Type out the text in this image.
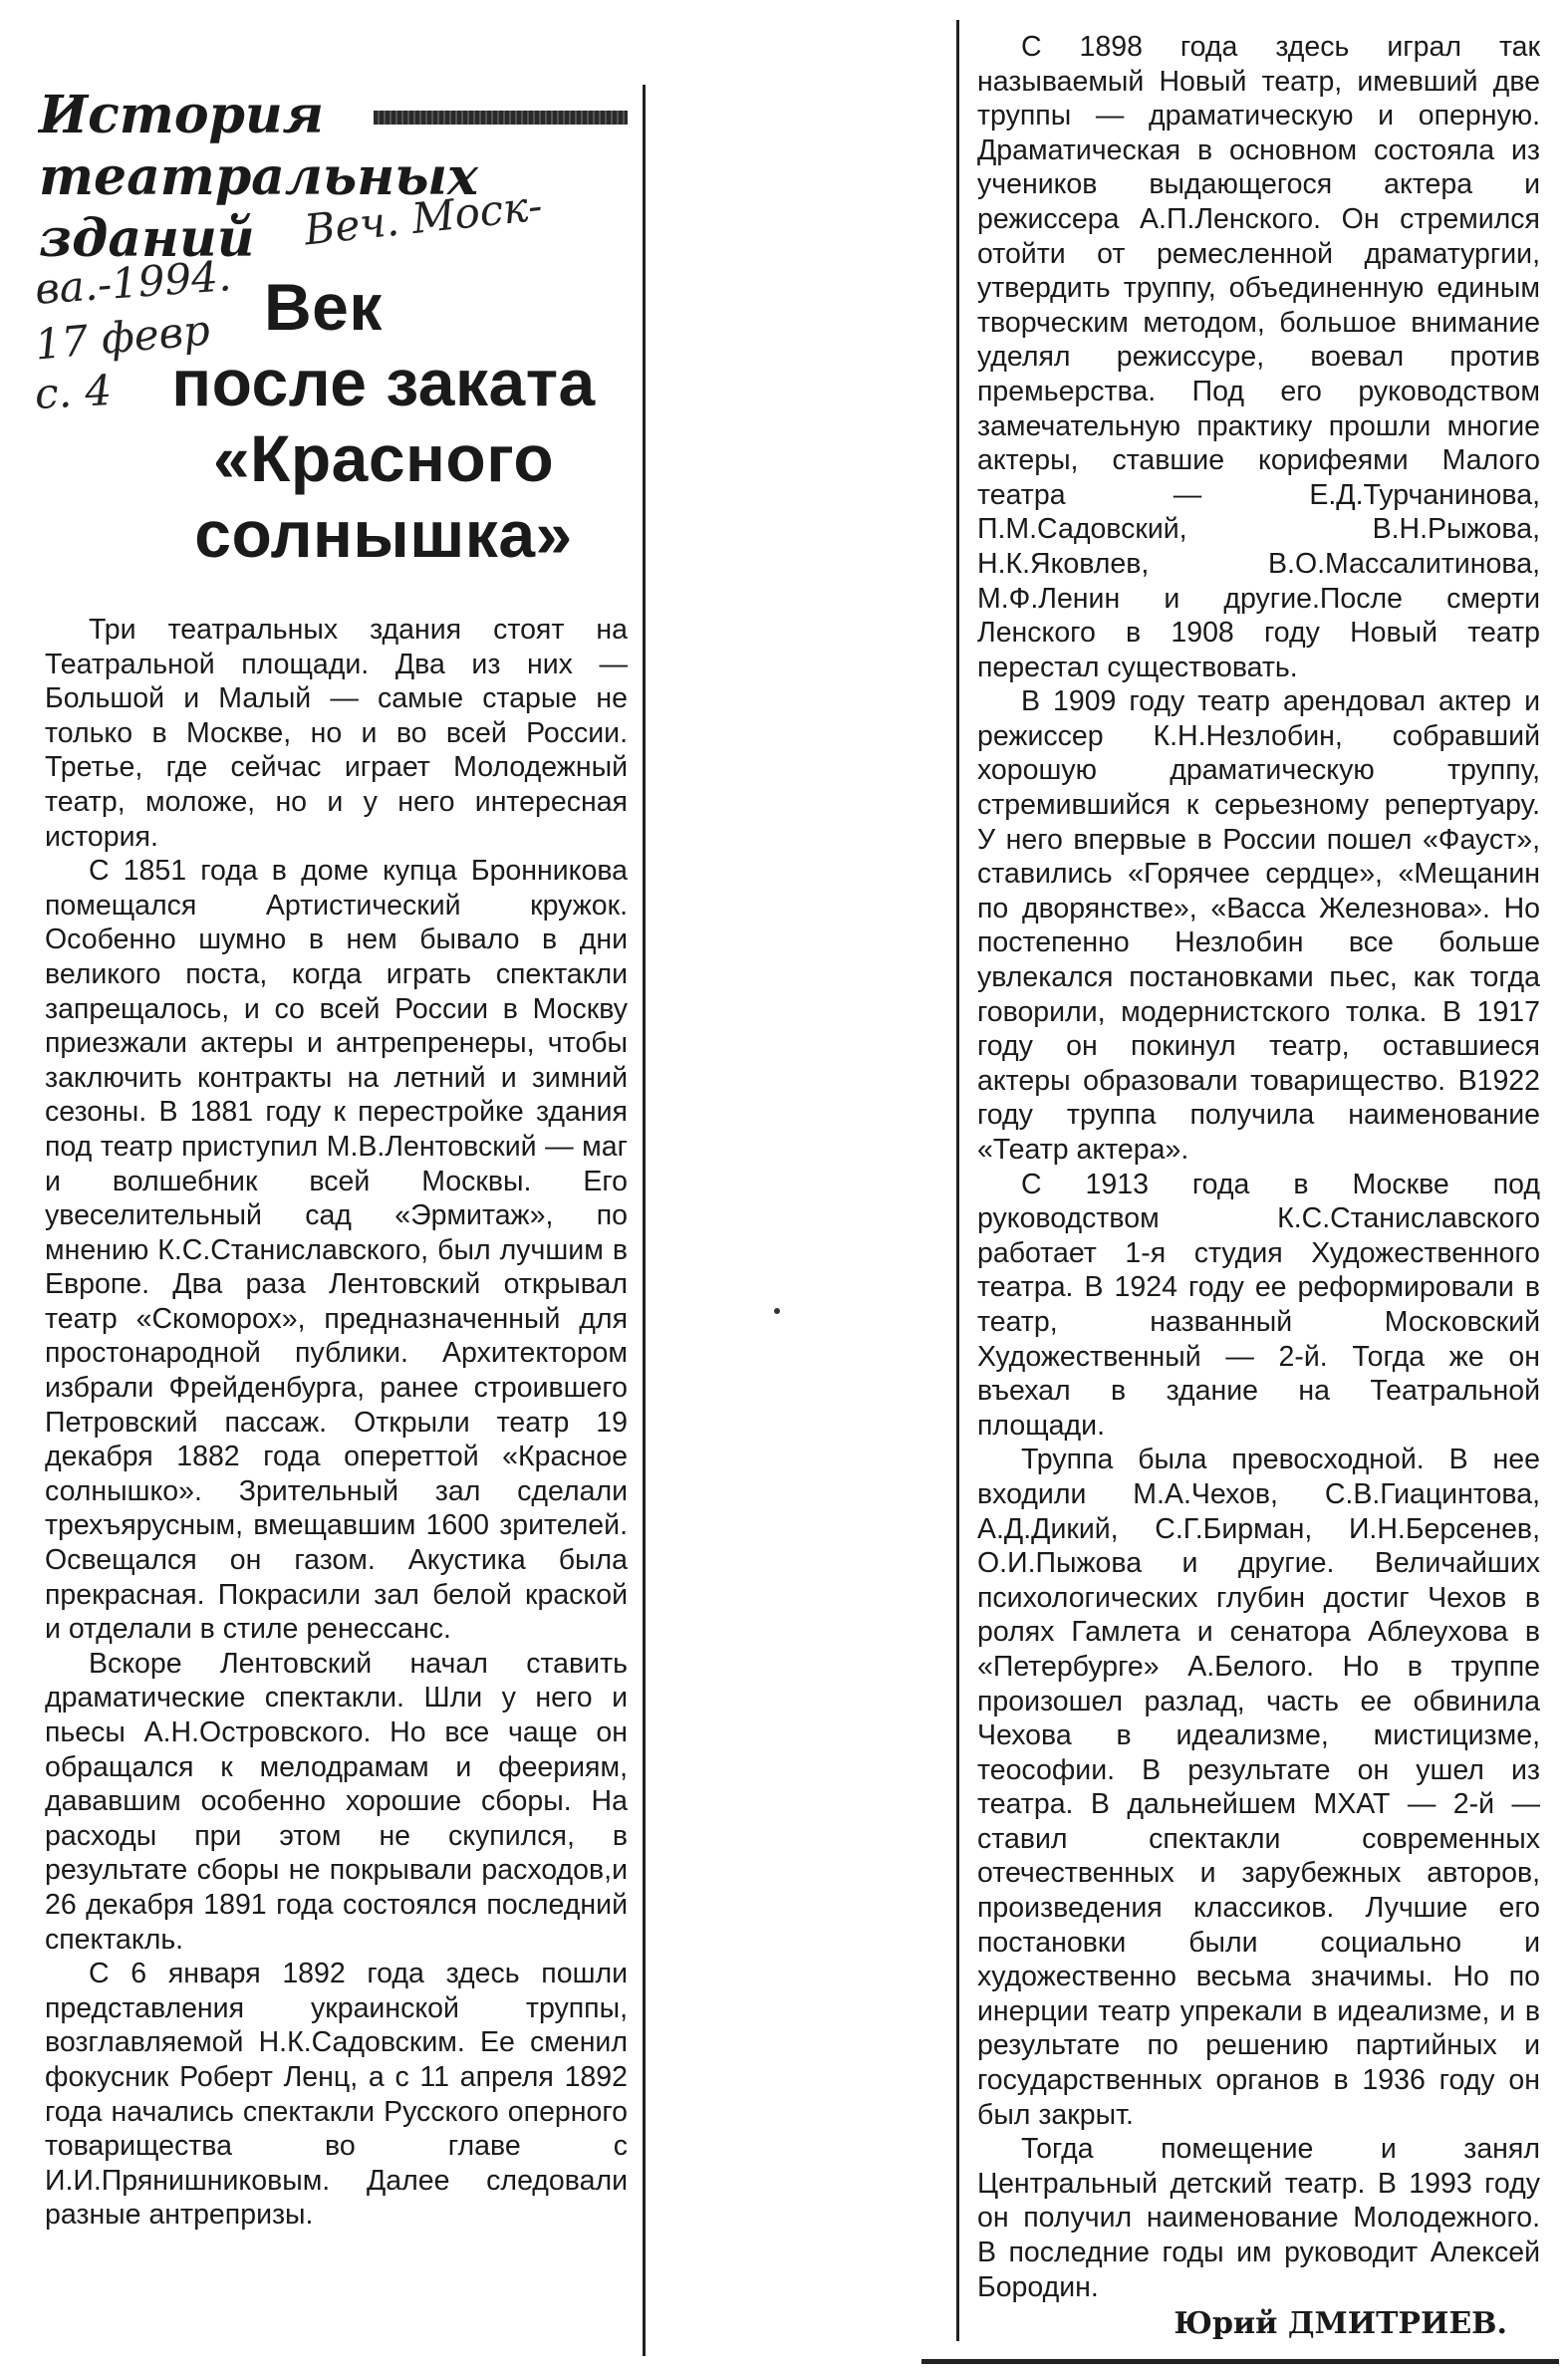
История театральных зданий	Веч. Моск-

ва.-1994.

17 февр

с. 4

Век
после заката «Красного солнышка»

Три театральных здания стоят на Театральной площади. Два из них — Большой и Малый — самые старые не только в Москве, но и во всей России. Третье, где сейчас играет Молодежный театр, моложе, но и у него интересная история.

С 1851 года в доме купца Бронникова помещался Артистический кружок. Особенно шумно в нем бывало в дни великого поста, когда играть спектакли запрещалось, и со всей России в Москву приезжали актеры и антрепренеры, чтобы заключить контракты на летний и зимний сезоны. В 1881 году к перестройке здания под театр приступил М.В.Лентовский — маг и волшебник всей Москвы. Его увеселительный сад «Эрмитаж», по мнению К.С.Станиславского, был лучшим в Европе. Два раза Лентовский открывал театр «Скоморох», предназначенный для простонародной публики. Архитектором избрали Фрейденбурга, ранее строившего Петровский пассаж. Открыли театр 19 декабря 1882 года опереттой «Красное солнышко». Зрительный зал сделали трехъярусным, вмещавшим 1600 зрителей. Освещался он газом. Акустика была прекрасная. Покрасили зал белой краской и отделали в стиле ренессанс.

Вскоре Лентовский начал ставить драматические спектакли. Шли у него и пьесы А.Н.Островского. Но все чаще он обращался к мелодрамам и феериям, дававшим особенно хорошие сборы. На расходы при этом не скупился, в результате сборы не покрывали расходов,и 26 декабря 1891 года состоялся последний спектакль.

С 6 января 1892 года здесь пошли представления украинской труппы, возглавляемой Н.К.Садовским. Ее сменил фокусник Роберт Ленц, а с 11 апреля 1892 года начались спектакли Русского оперного товарищества во главе с И.И.Прянишниковым. Далее следовали разные антрепризы.

С 1898 года здесь играл так называемый Новый театр, имевший две труппы — драматическую и оперную. Драматическая в основном состояла из учеников выдающегося актера и режиссера А.П.Ленского. Он стремился отойти от ремесленной драматургии, утвердить труппу, объединенную единым творческим методом, большое внимание уделял режиссуре, воевал против премьерства. Под его руководством замечательную практику прошли многие актеры, ставшие корифеями Малого театра — Е.Д.Турчанинова, П.М.Садовский, В.Н.Рыжова, Н.К.Яковлев, В.О.Массалитинова, М.Ф.Ленин и другие.После смерти Ленского в 1908 году Новый театр перестал существовать.

В 1909 году театр арендовал актер и режиссер К.Н.Незлобин, собравший хорошую драматическую труппу, стремившийся к серьезному репертуару. У него впервые в России пошел «Фауст», ставились «Горячее сердце», «Мещанин по дворянстве», «Васса Железнова». Но постепенно Незлобин все больше увлекался постановками пьес, как тогда говорили, модернистского толка. В 1917 году он покинул театр, оставшиеся актеры образовали товарищество. В1922 году труппа получила наименование «Театр актера».

С 1913 года в Москве под руководством К.С.Станиславского работает 1-я студия Художественного театра. В 1924 году ее реформировали в театр, названный Московский Художественный — 2-й. Тогда же он въехал в здание на Театральной площади.

Труппа была превосходной. В нее входили М.А.Чехов, С.В.Гиацинтова, А.Д.Дикий, С.Г.Бирман, И.Н.Берсенев, О.И.Пыжова и другие. Величайших психологических глубин достиг Чехов в ролях Гамлета и сенатора Аблеухова в «Петербурге» А.Белого. Но в труппе произошел разлад, часть ее обвинила Чехова в идеализме, мистицизме, теософии. В результате он ушел из театра. В дальнейшем МХАТ — 2-й — ставил спектакли современных отечественных и зарубежных авторов, произведения классиков. Лучшие его постановки были социально и художественно весьма значимы. Но по инерции театр упрекали в идеализме, и в результате по решению партийных и государственных органов в 1936 году он был закрыт.

Тогда помещение и занял Центральный детский театр. В 1993 году он получил наименование Молодежного. В последние годы им руководит Алексей Бородин.

Юрий ДМИТРИЕВ.
